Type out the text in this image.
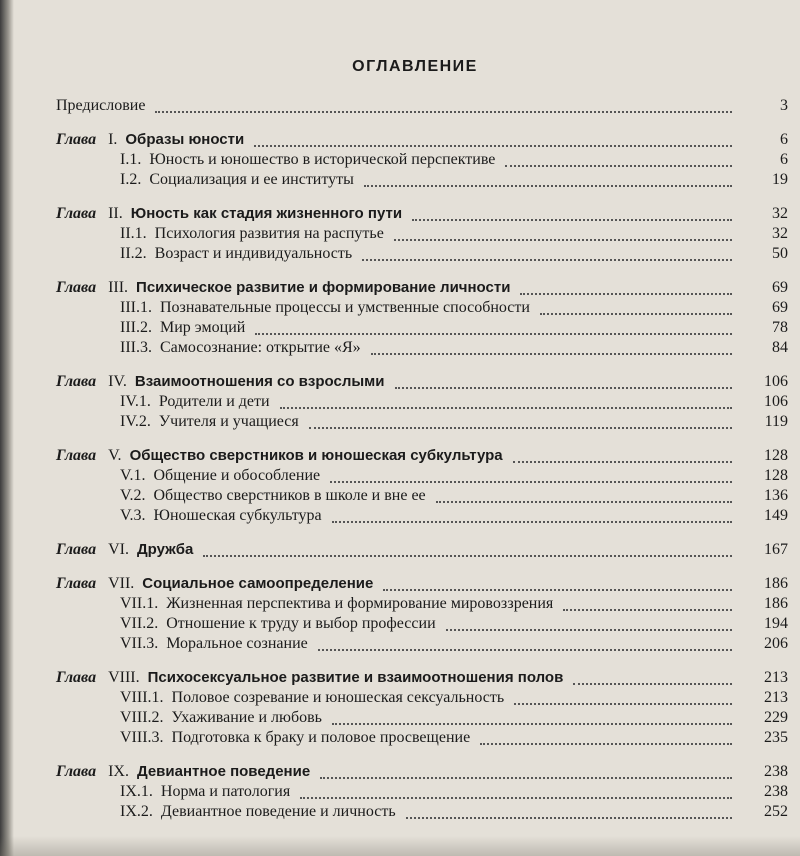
ОГЛАВЛЕНИЕ
Предисловие	3
Глава I. Образы юности	6
I.1. Юность и юношество в исторической перспективе	6
I.2. Социализация и ее институты	19
Глава II. Юность как стадия жизненного пути	32
II.1. Психология развития на распутье	32
II.2. Возраст и индивидуальность	50
Глава III. Психическое развитие и формирование личности	69
III.1. Познавательные процессы и умственные способности	69
III.2. Мир эмоций	78
III.3. Самосознание: открытие «Я»	84
Глава IV. Взаимоотношения со взрослыми	106
IV.1. Родители и дети	106
IV.2. Учителя и учащиеся	119
Глава V. Общество сверстников и юношеская субкультура	128
V.1. Общение и обособление	128
V.2. Общество сверстников в школе и вне ее	136
V.3. Юношеская субкультура	149
Глава VI. Дружба	167
Глава VII. Социальное самоопределение	186
VII.1. Жизненная перспектива и формирование мировоззрения	186
VII.2. Отношение к труду и выбор профессии	194
VII.3. Моральное сознание	206
Глава VIII. Психосексуальное развитие и взаимоотношения полов	213
VIII.1. Половое созревание и юношеская сексуальность	213
VIII.2. Ухаживание и любовь	229
VIII.3. Подготовка к браку и половое просвещение	235
Глава IX. Девиантное поведение	238
IX.1. Норма и патология	238
IX.2. Девиантное поведение и личность	252
